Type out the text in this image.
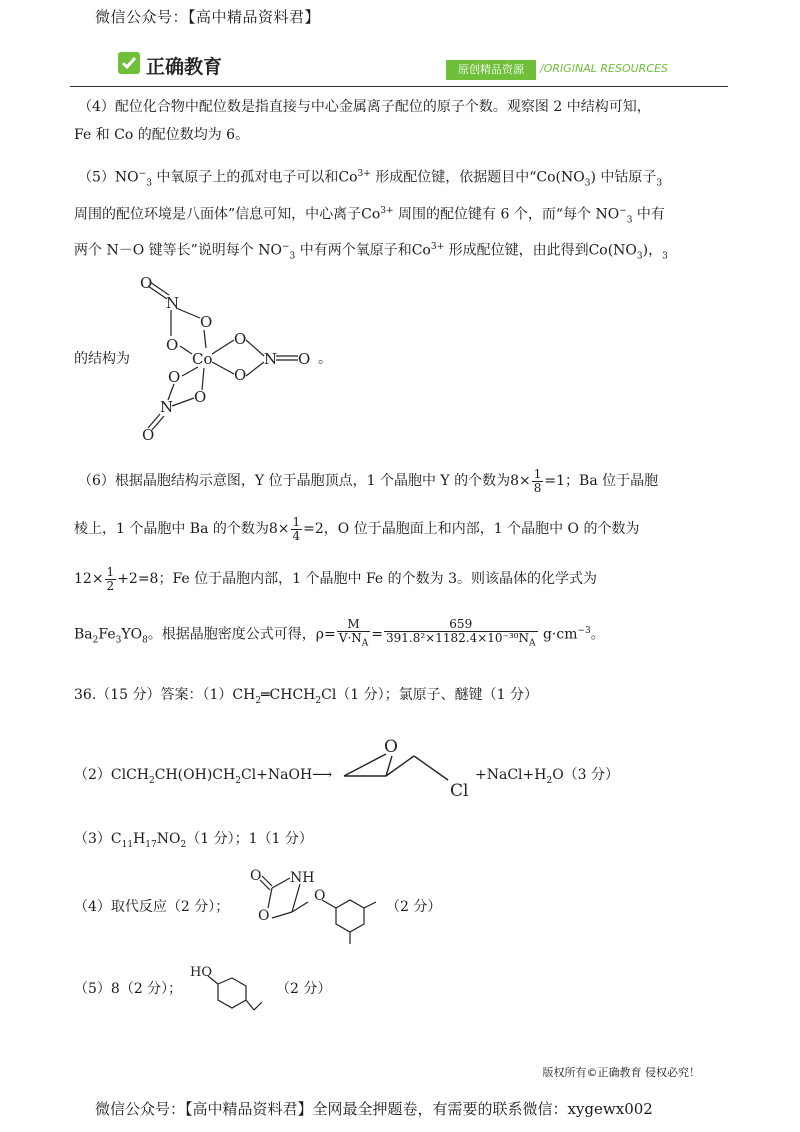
微信公众号：【高中精品资料君】
正确教育	原创精品资源	/ORIGINAL RESOURCES
（4）配位化合物中配位数是指直接与中心金属离子配位的原子个数。观察图 2 中结构可知，
Fe 和 Co 的配位数均为 6。
$(5)NO^-_3$ 中氧原子上的孤对电子可以和$Co^{3+}$ 形成配位键，依据题目中“$Co(NO_3)$ 中钴原子$_3$
周围的配位环境是八面体”信息可知，中心离子$Co^{3+}$ 周围的配位键有 6 个，而“每个 $NO^-_3$ 中有
两个 N－O 键等长”说明每个 $NO^-_3$ 中有两个氧原子和$Co^{3+}$ 形成配位键，由此得到$Co(NO_3)$，$_3$
的结构为
O
N
O
O
Co
O
N
O
O
O
O
N
O
。
（6）根据晶胞结构示意图，Y 位于晶胞顶点，1 个晶胞中 Y 的个数为$8\times \frac{1}{8} =1$；Ba 位于晶胞
棱上，1 个晶胞中 Ba 的个数为$8\times \frac{1}{4} =2$，O 位于晶胞面上和内部，1 个晶胞中 O 的个数为
$12\times \frac{1}{2} +2=8$；Fe 位于晶胞内部，1 个晶胞中 Fe 的个数为 3。则该晶体的化学式为
$Ba_2Fe_3YO_8$。根据晶胞密度公式可得，$\rho= \frac{M}{V\cdot N_A} = \frac{659}{391.8^2\times 1182.4\times 10^{-30}N_A} g\cdot cm^{-3}$。
36.（15 分）答案：$(1)CH_2═CHCH_2Cl(1$ 分）；氯原子、醚键（1 分）
$(2)ClCH_2CH(OH)CH_2Cl+NaOH⟶$
O
Cl
$+NaCl+H_2O(3$ 分）
$(3)C_{11}H_{17}NO_2(1$ 分）；1（1 分）
（4）取代反应（2 分）；
O NH
O
O
（2 分）
（5）8（2 分）；
HO
（2 分）
版权所有©正确教育 侵权必究！
微信公众号：【高中精品资料君】全网最全押题卷，有需要的联系微信：xygewx002
